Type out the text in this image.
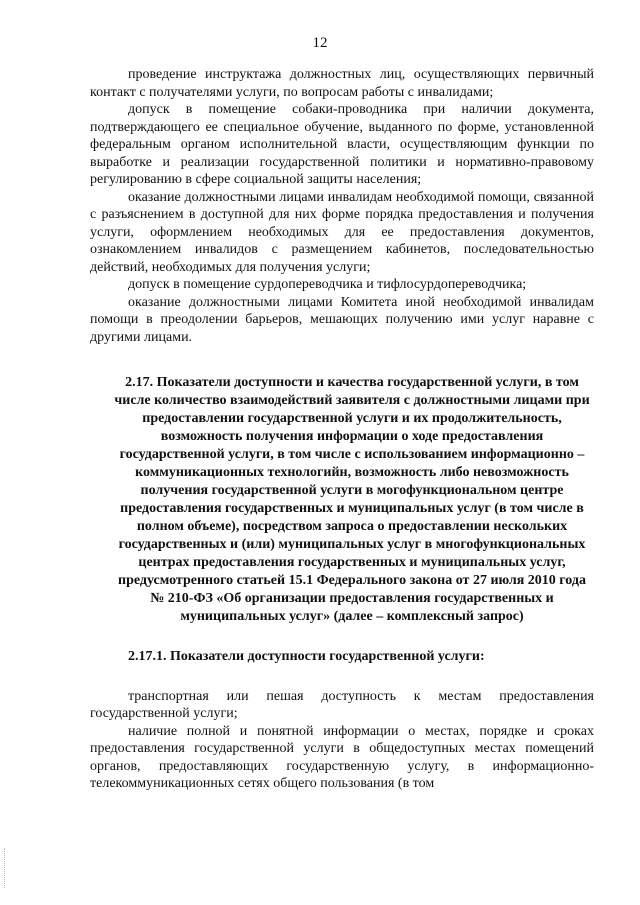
12

проведение инструктажа должностных лиц, осуществляющих первичный контакт с получателями услуги, по вопросам работы с инвалидами;

допуск в помещение собаки-проводника при наличии документа, подтверждающего ее специальное обучение, выданного по форме, установленной федеральным органом исполнительной власти, осуществляющим функции по выработке и реализации государственной политики и нормативно-правовому регулированию в сфере социальной защиты населения;

оказание должностными лицами инвалидам необходимой помощи, связанной с разъяснением в доступной для них форме порядка предоставления и получения услуги, оформлением необходимых для ее предоставления документов, ознакомлением инвалидов с размещением кабинетов, последовательностью действий, необходимых для получения услуги;

допуск в помещение сурдопереводчика и тифлосурдопереводчика;

оказание должностными лицами Комитета иной необходимой инвалидам помощи в преодолении барьеров, мешающих получению ими услуг наравне с другими лицами.

2.17. Показатели доступности и качества государственной услуги, в том числе количество взаимодействий заявителя с должностными лицами при предоставлении государственной услуги и их продолжительность, возможность получения информации о ходе предоставления государственной услуги, в том числе с использованием информационно – коммуникационных технологийн, возможность либо невозможность получения государственной услуги в могофункциональном центре предоставления государственных и муниципальных услуг (в том числе в полном объеме), посредством запроса о предоставлении нескольких государственных и (или) муниципальных услуг в многофункциональных центрах предоставления государственных и муниципальных услуг, предусмотренного статьей 15.1 Федерального закона от 27 июля 2010 года № 210-ФЗ «Об организации предоставления государственных и муниципальных услуг» (далее – комплексный запрос)

2.17.1. Показатели доступности государственной услуги:

транспортная или пешая доступность к местам предоставления государственной услуги;

наличие полной и понятной информации о местах, порядке и сроках предоставления государственной услуги в общедоступных местах помещений органов, предоставляющих государственную услугу, в информационно-телекоммуникационных сетях общего пользования (в том
